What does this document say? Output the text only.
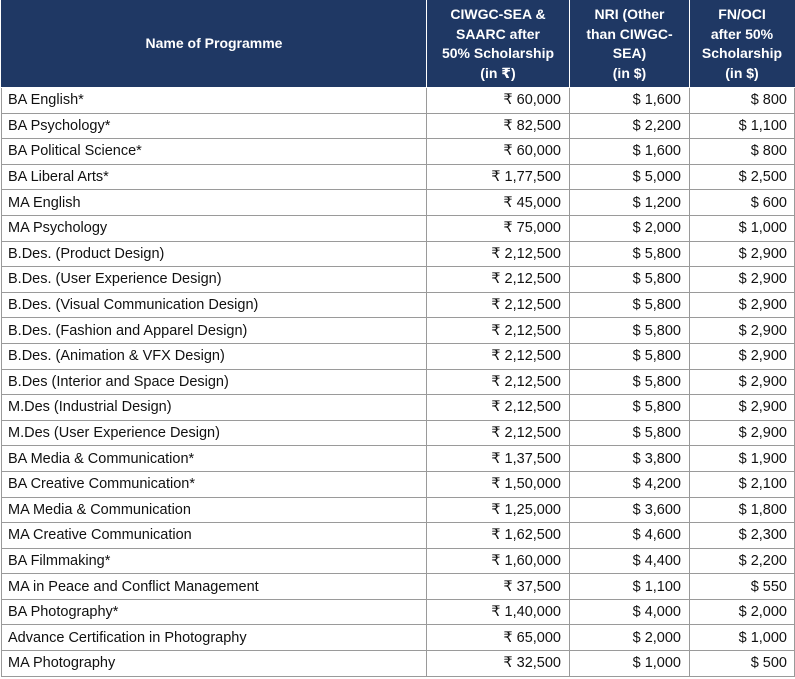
Name of Programme	CIWGC-SEA &
SAARC after
50% Scholarship
(in ₹)	NRI (Other
than CIWGC-
SEA)
(in $)	FN/OCI
after 50%
Scholarship
(in $)
BA English*	₹ 60,000	$ 1,600	$ 800
BA Psychology*	₹ 82,500	$ 2,200	$ 1,100
BA Political Science*	₹ 60,000	$ 1,600	$ 800
BA Liberal Arts*	₹ 1,77,500	$ 5,000	$ 2,500
MA English	₹ 45,000	$ 1,200	$ 600
MA Psychology	₹ 75,000	$ 2,000	$ 1,000
B.Des. (Product Design)	₹ 2,12,500	$ 5,800	$ 2,900
B.Des. (User Experience Design)	₹ 2,12,500	$ 5,800	$ 2,900
B.Des. (Visual Communication Design)	₹ 2,12,500	$ 5,800	$ 2,900
B.Des. (Fashion and Apparel Design)	₹ 2,12,500	$ 5,800	$ 2,900
B.Des. (Animation & VFX Design)	₹ 2,12,500	$ 5,800	$ 2,900
B.Des (Interior and Space Design)	₹ 2,12,500	$ 5,800	$ 2,900
M.Des (Industrial Design)	₹ 2,12,500	$ 5,800	$ 2,900
M.Des (User Experience Design)	₹ 2,12,500	$ 5,800	$ 2,900
BA Media & Communication*	₹ 1,37,500	$ 3,800	$ 1,900
BA Creative Communication*	₹ 1,50,000	$ 4,200	$ 2,100
MA Media & Communication	₹ 1,25,000	$ 3,600	$ 1,800
MA Creative Communication	₹ 1,62,500	$ 4,600	$ 2,300
BA Filmmaking*	₹ 1,60,000	$ 4,400	$ 2,200
MA in Peace and Conflict Management	₹ 37,500	$ 1,100	$ 550
BA Photography*	₹ 1,40,000	$ 4,000	$ 2,000
Advance Certification in Photography	₹ 65,000	$ 2,000	$ 1,000
MA Photography	₹ 32,500	$ 1,000	$ 500
